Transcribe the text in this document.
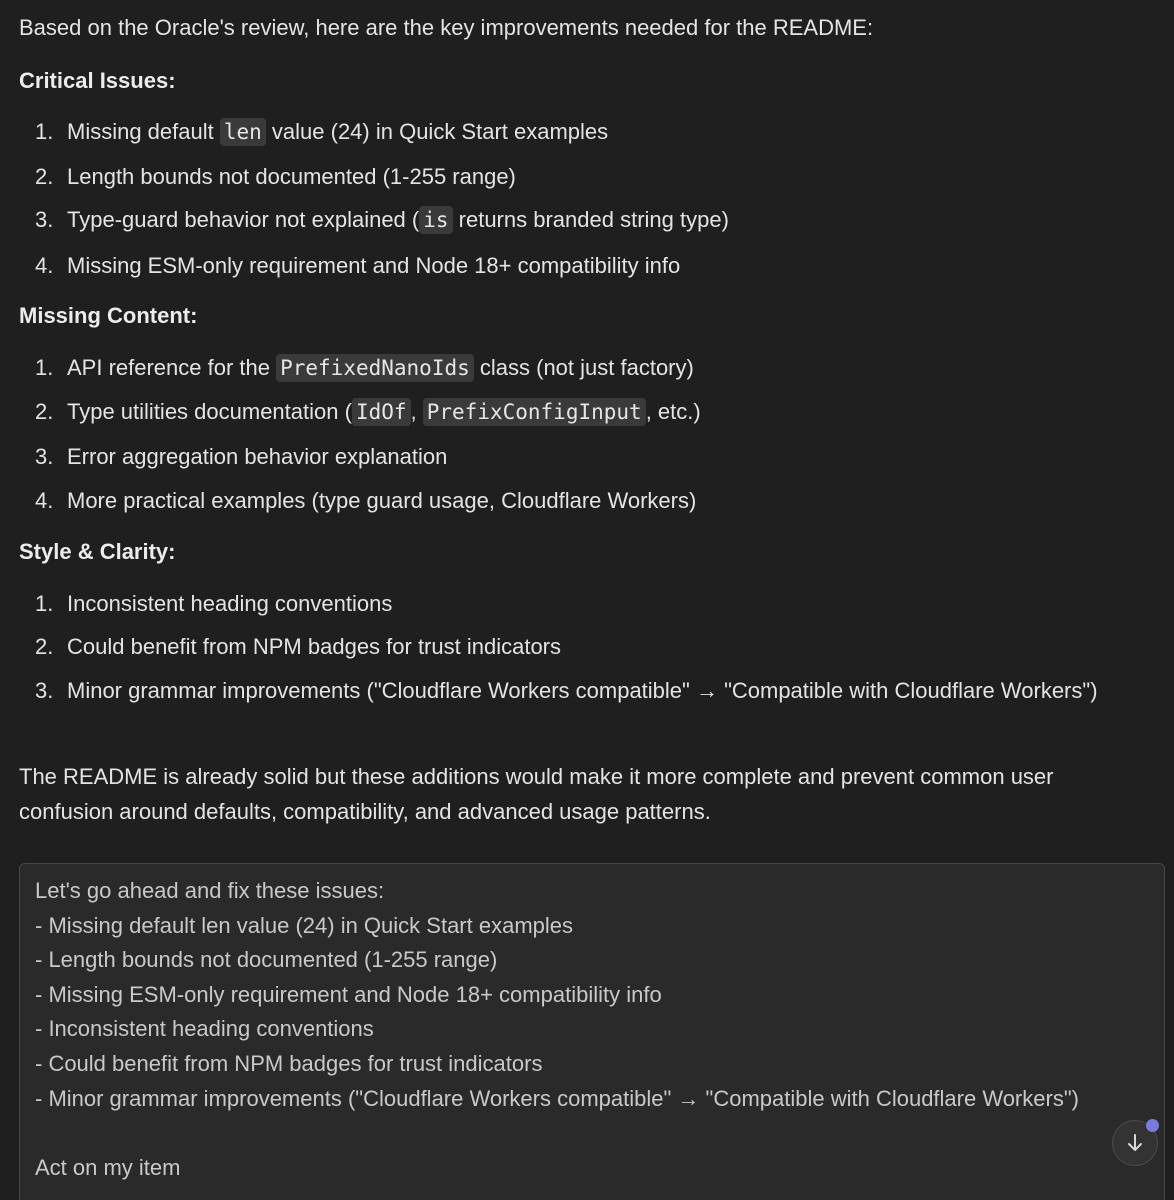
Based on the Oracle's review, here are the key improvements needed for the README:
Critical Issues:
1. Missing default len value (24) in Quick Start examples
2. Length bounds not documented (1-255 range)
3. Type-guard behavior not explained ( is returns branded string type)
4. Missing ESM-only requirement and Node 18+ compatibility info
Missing Content:
1. API reference for the PrefixedNanoIds class (not just factory)
2. Type utilities documentation ( IdOf , PrefixConfigInput , etc.)
3. Error aggregation behavior explanation
4. More practical examples (type guard usage, Cloudflare Workers)
Style & Clarity:
1. Inconsistent heading conventions
2. Could benefit from NPM badges for trust indicators
3. Minor grammar improvements ("Cloudflare Workers compatible" → "Compatible with Cloudflare Workers")
The README is already solid but these additions would make it more complete and prevent common user confusion around defaults, compatibility, and advanced usage patterns.
Let's go ahead and fix these issues:
- Missing default len value (24) in Quick Start examples
- Length bounds not documented (1-255 range)
- Missing ESM-only requirement and Node 18+ compatibility info
- Inconsistent heading conventions
- Could benefit from NPM badges for trust indicators
- Minor grammar improvements ("Cloudflare Workers compatible" → "Compatible with Cloudflare Workers")

Act on my item
